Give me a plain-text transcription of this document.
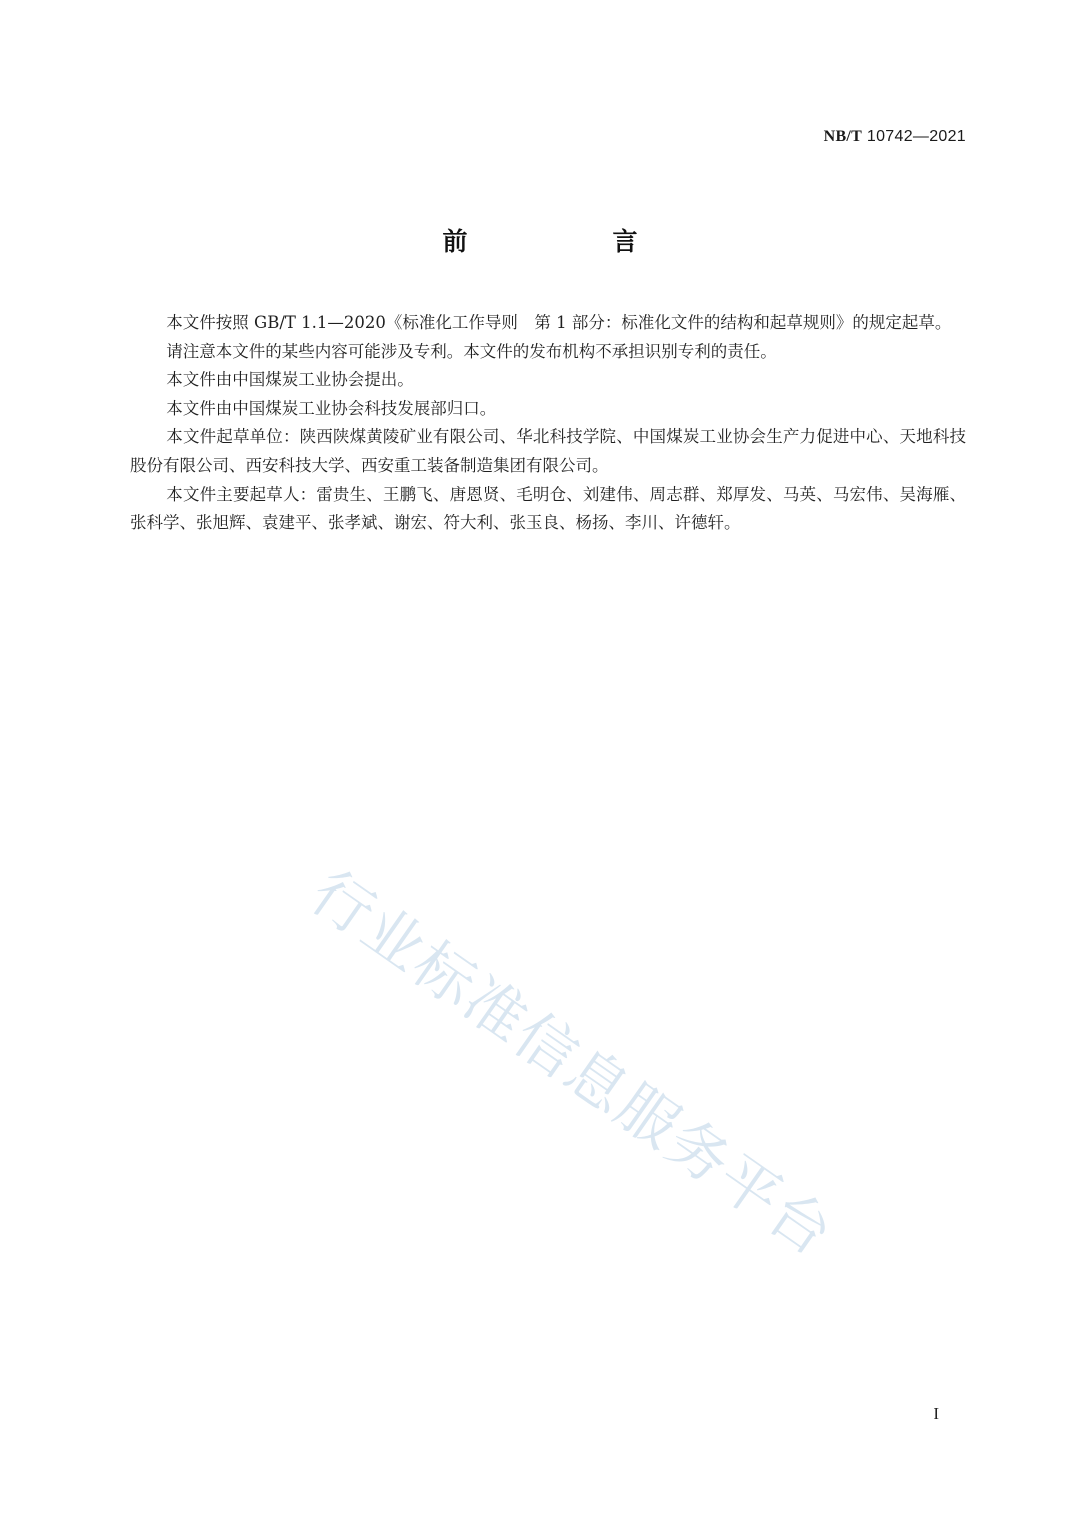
NB/T 10742—2021
前　言

本文件按照 GB/T 1.1—2020《标准化工作导则　第 1 部分：标准化文件的结构和起草规则》的规定起草。

请注意本文件的某些内容可能涉及专利。本文件的发布机构不承担识别专利的责任。

本文件由中国煤炭工业协会提出。

本文件由中国煤炭工业协会科技发展部归口。

本文件起草单位：陕西陕煤黄陵矿业有限公司、华北科技学院、中国煤炭工业协会生产力促进中心、天地科技股份有限公司、西安科技大学、西安重工装备制造集团有限公司。

本文件主要起草人：雷贵生、王鹏飞、唐恩贤、毛明仓、刘建伟、周志群、郑厚发、马英、马宏伟、吴海雁、张科学、张旭辉、袁建平、张孝斌、谢宏、符大利、张玉良、杨扬、李川、许德轩。

行业标准信息服务平台
I
